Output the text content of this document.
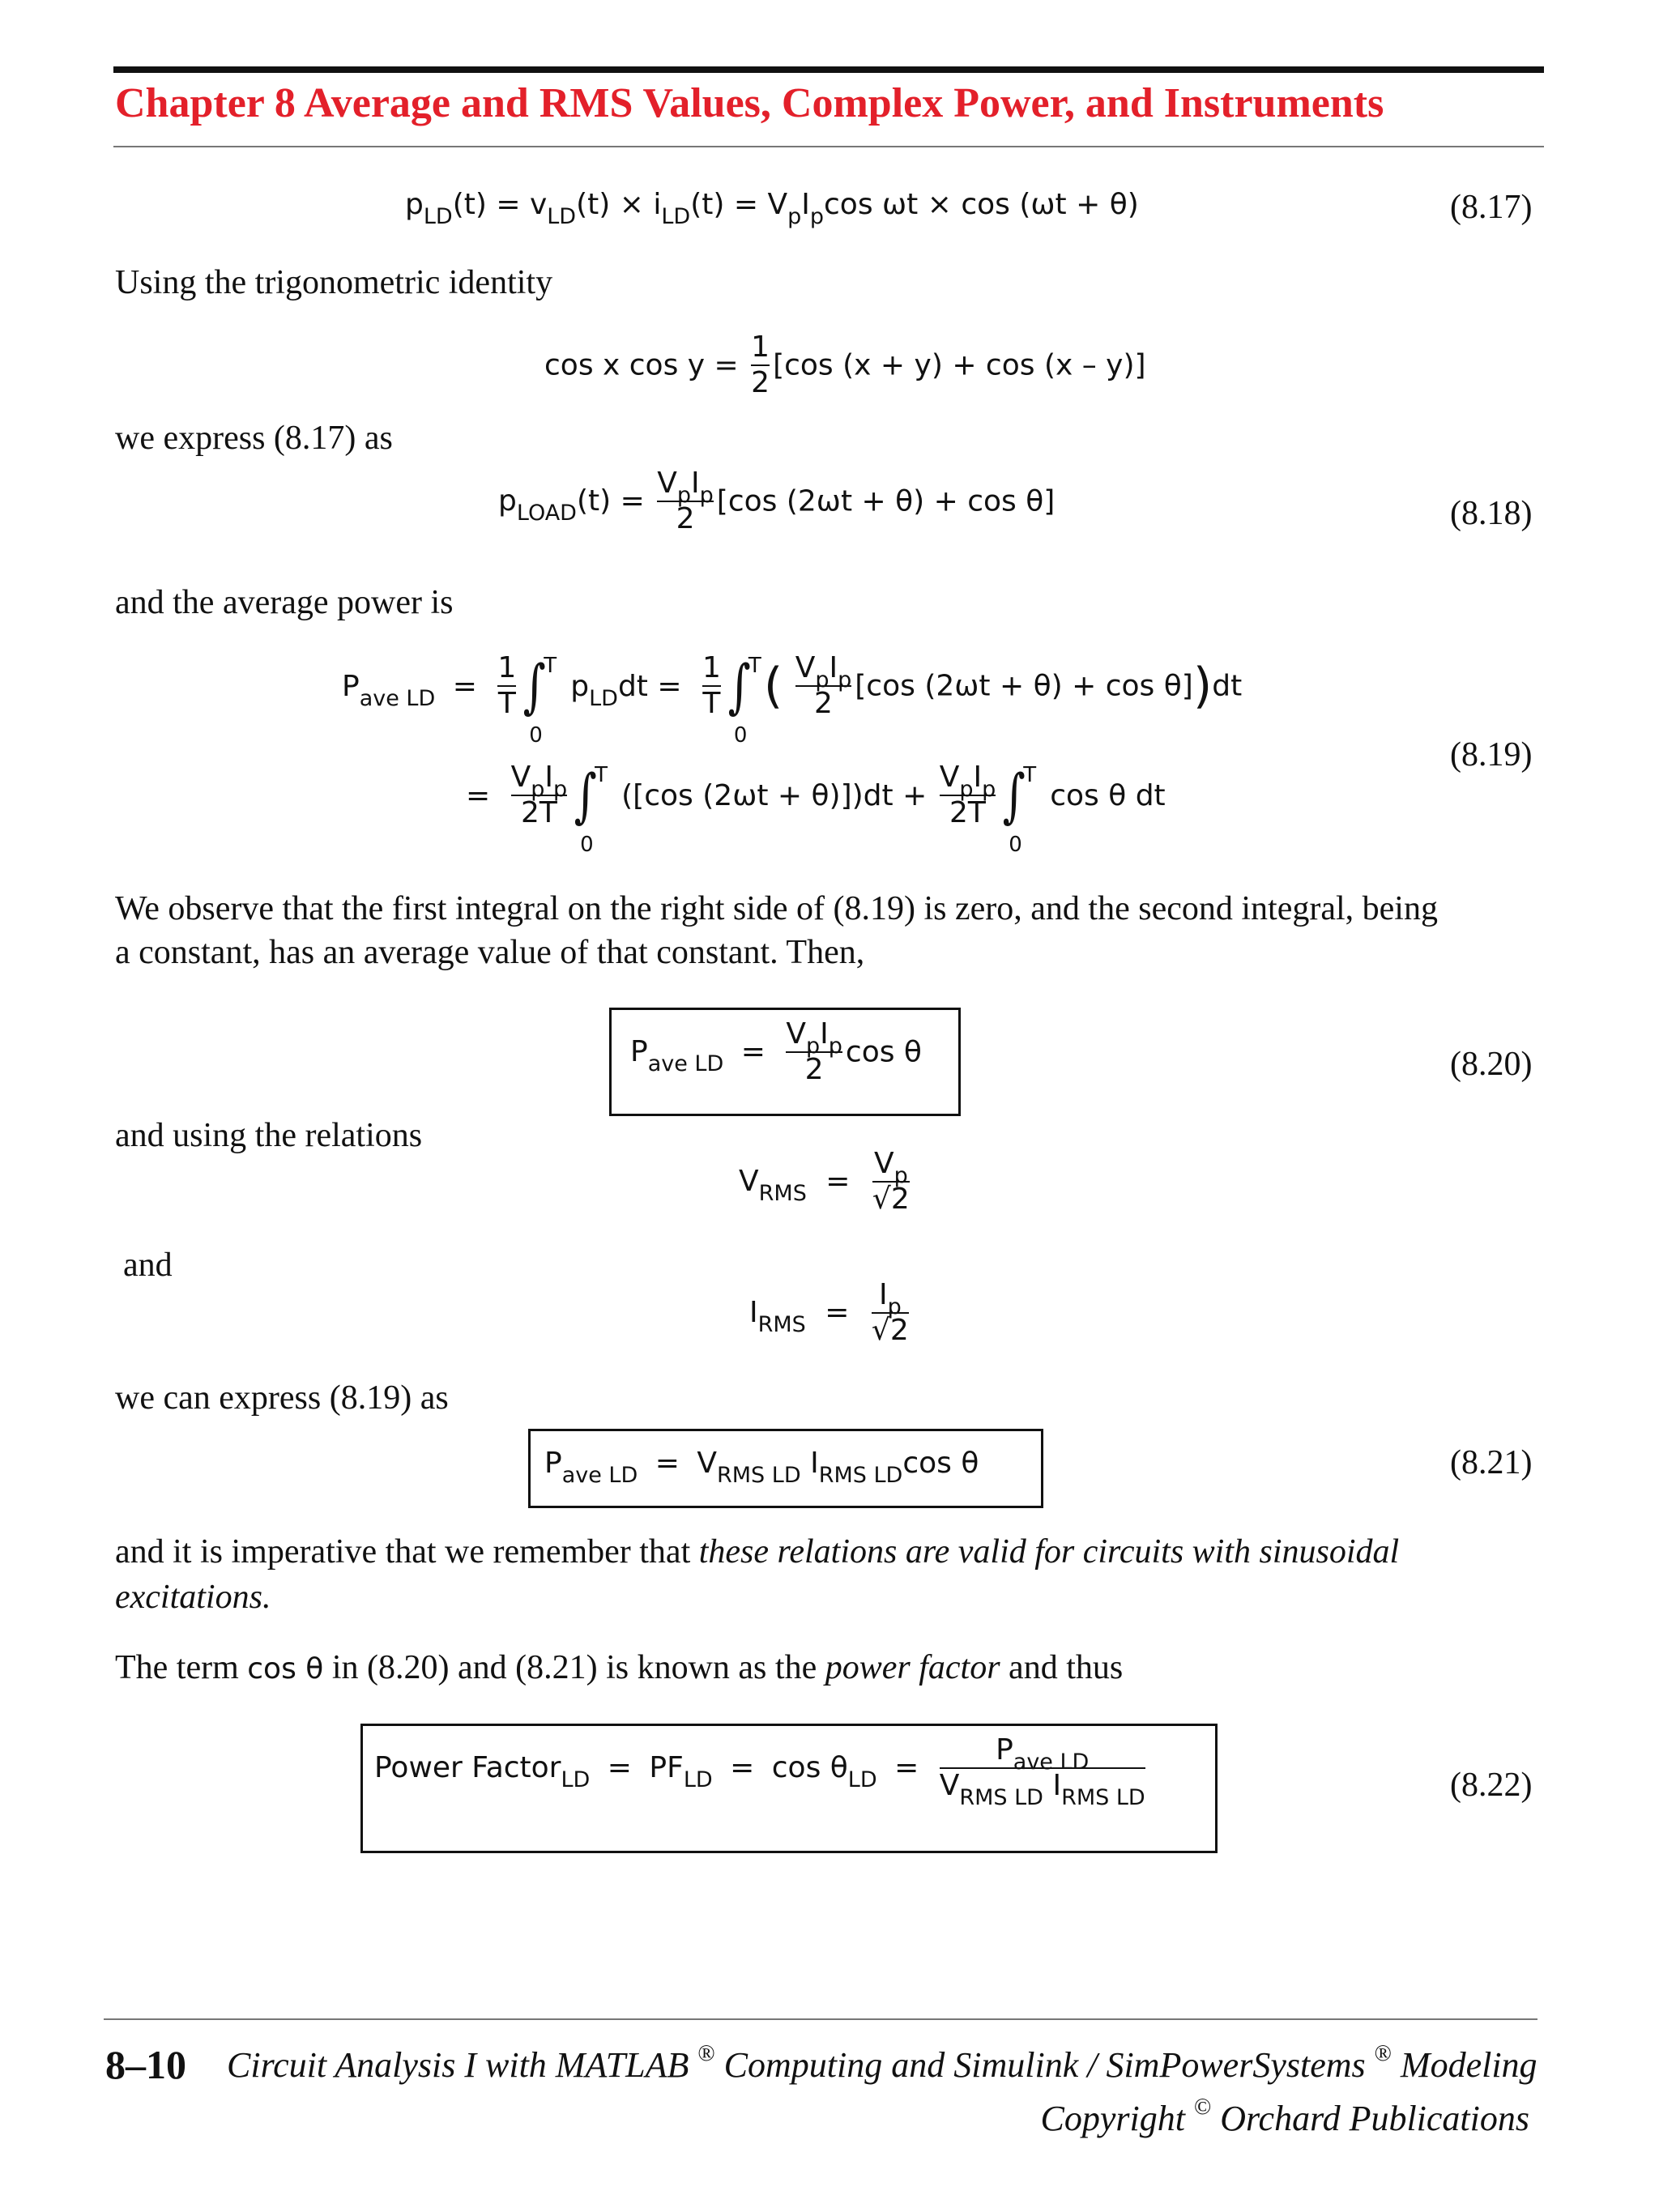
Chapter 8 Average and RMS Values, Complex Power, and Instruments
$p_{LD}(t) = v_{LD}(t) \times i_{LD}(t) = V_pI_p\cos$ ωt × cos (ωt + θ)	(8.17)
Using the trigonometric identity
cos x $\cos y = \frac{1}{2} [\cos$ (x + y) + cos (x – y)]
we express (8.17) as
$p_{LOAD}(t) = \frac{V_pI_p}{2} [\cos$ (2ωt + θ) + cos θ]	(8.18)
and the average power is
$P_{ave LD} = \frac{1}{T}$ ∫
T
0
$p_{LD}dt = \frac{1}{T}$ ∫
T
0
( $\frac{V_pI_p}{2} [\cos$ (2ωt + θ) + cos θ])dt
= $\frac{V_pI_p}{2T}$ ∫
T
0
([cos $(2\omega t + \theta)])dt + \frac{V_pI_p}{2T}$ ∫
T
0
cos θ dt
(8.19)
We observe that the first integral on the right side of (8.19) is zero, and the second integral, being
a constant, has an average value of that constant. Then,
$P_{ave LD} = \frac{V_pI_p}{2}$ cos θ	(8.20)
and using the relations
$V_{RMS} = \frac{V_p}{√2}$
and
$I_{RMS} = \frac{I_p}{√2}$
we can express (8.19) as
$P_{ave LD} = V_{RMS LD}$ $I_{RMS LD}\cos$ θ	(8.21)
and it is imperative that we remember that these relations are valid for circuits with sinusoidal
excitations.
The term cos θ in (8.20) and (8.21) is known as the power factor and thus
Power Factor$_{LD}$ = $PF_{LD} = \cos \theta_{LD} = \frac{P_{ave LD}}{V_{RMS LD} I_{RMS LD}}$	(8.22)
8–10 Circuit Analysis I with MATLAB ® Computing and Simulink / SimPowerSystems ® Modeling
Copyright © Orchard Publications
